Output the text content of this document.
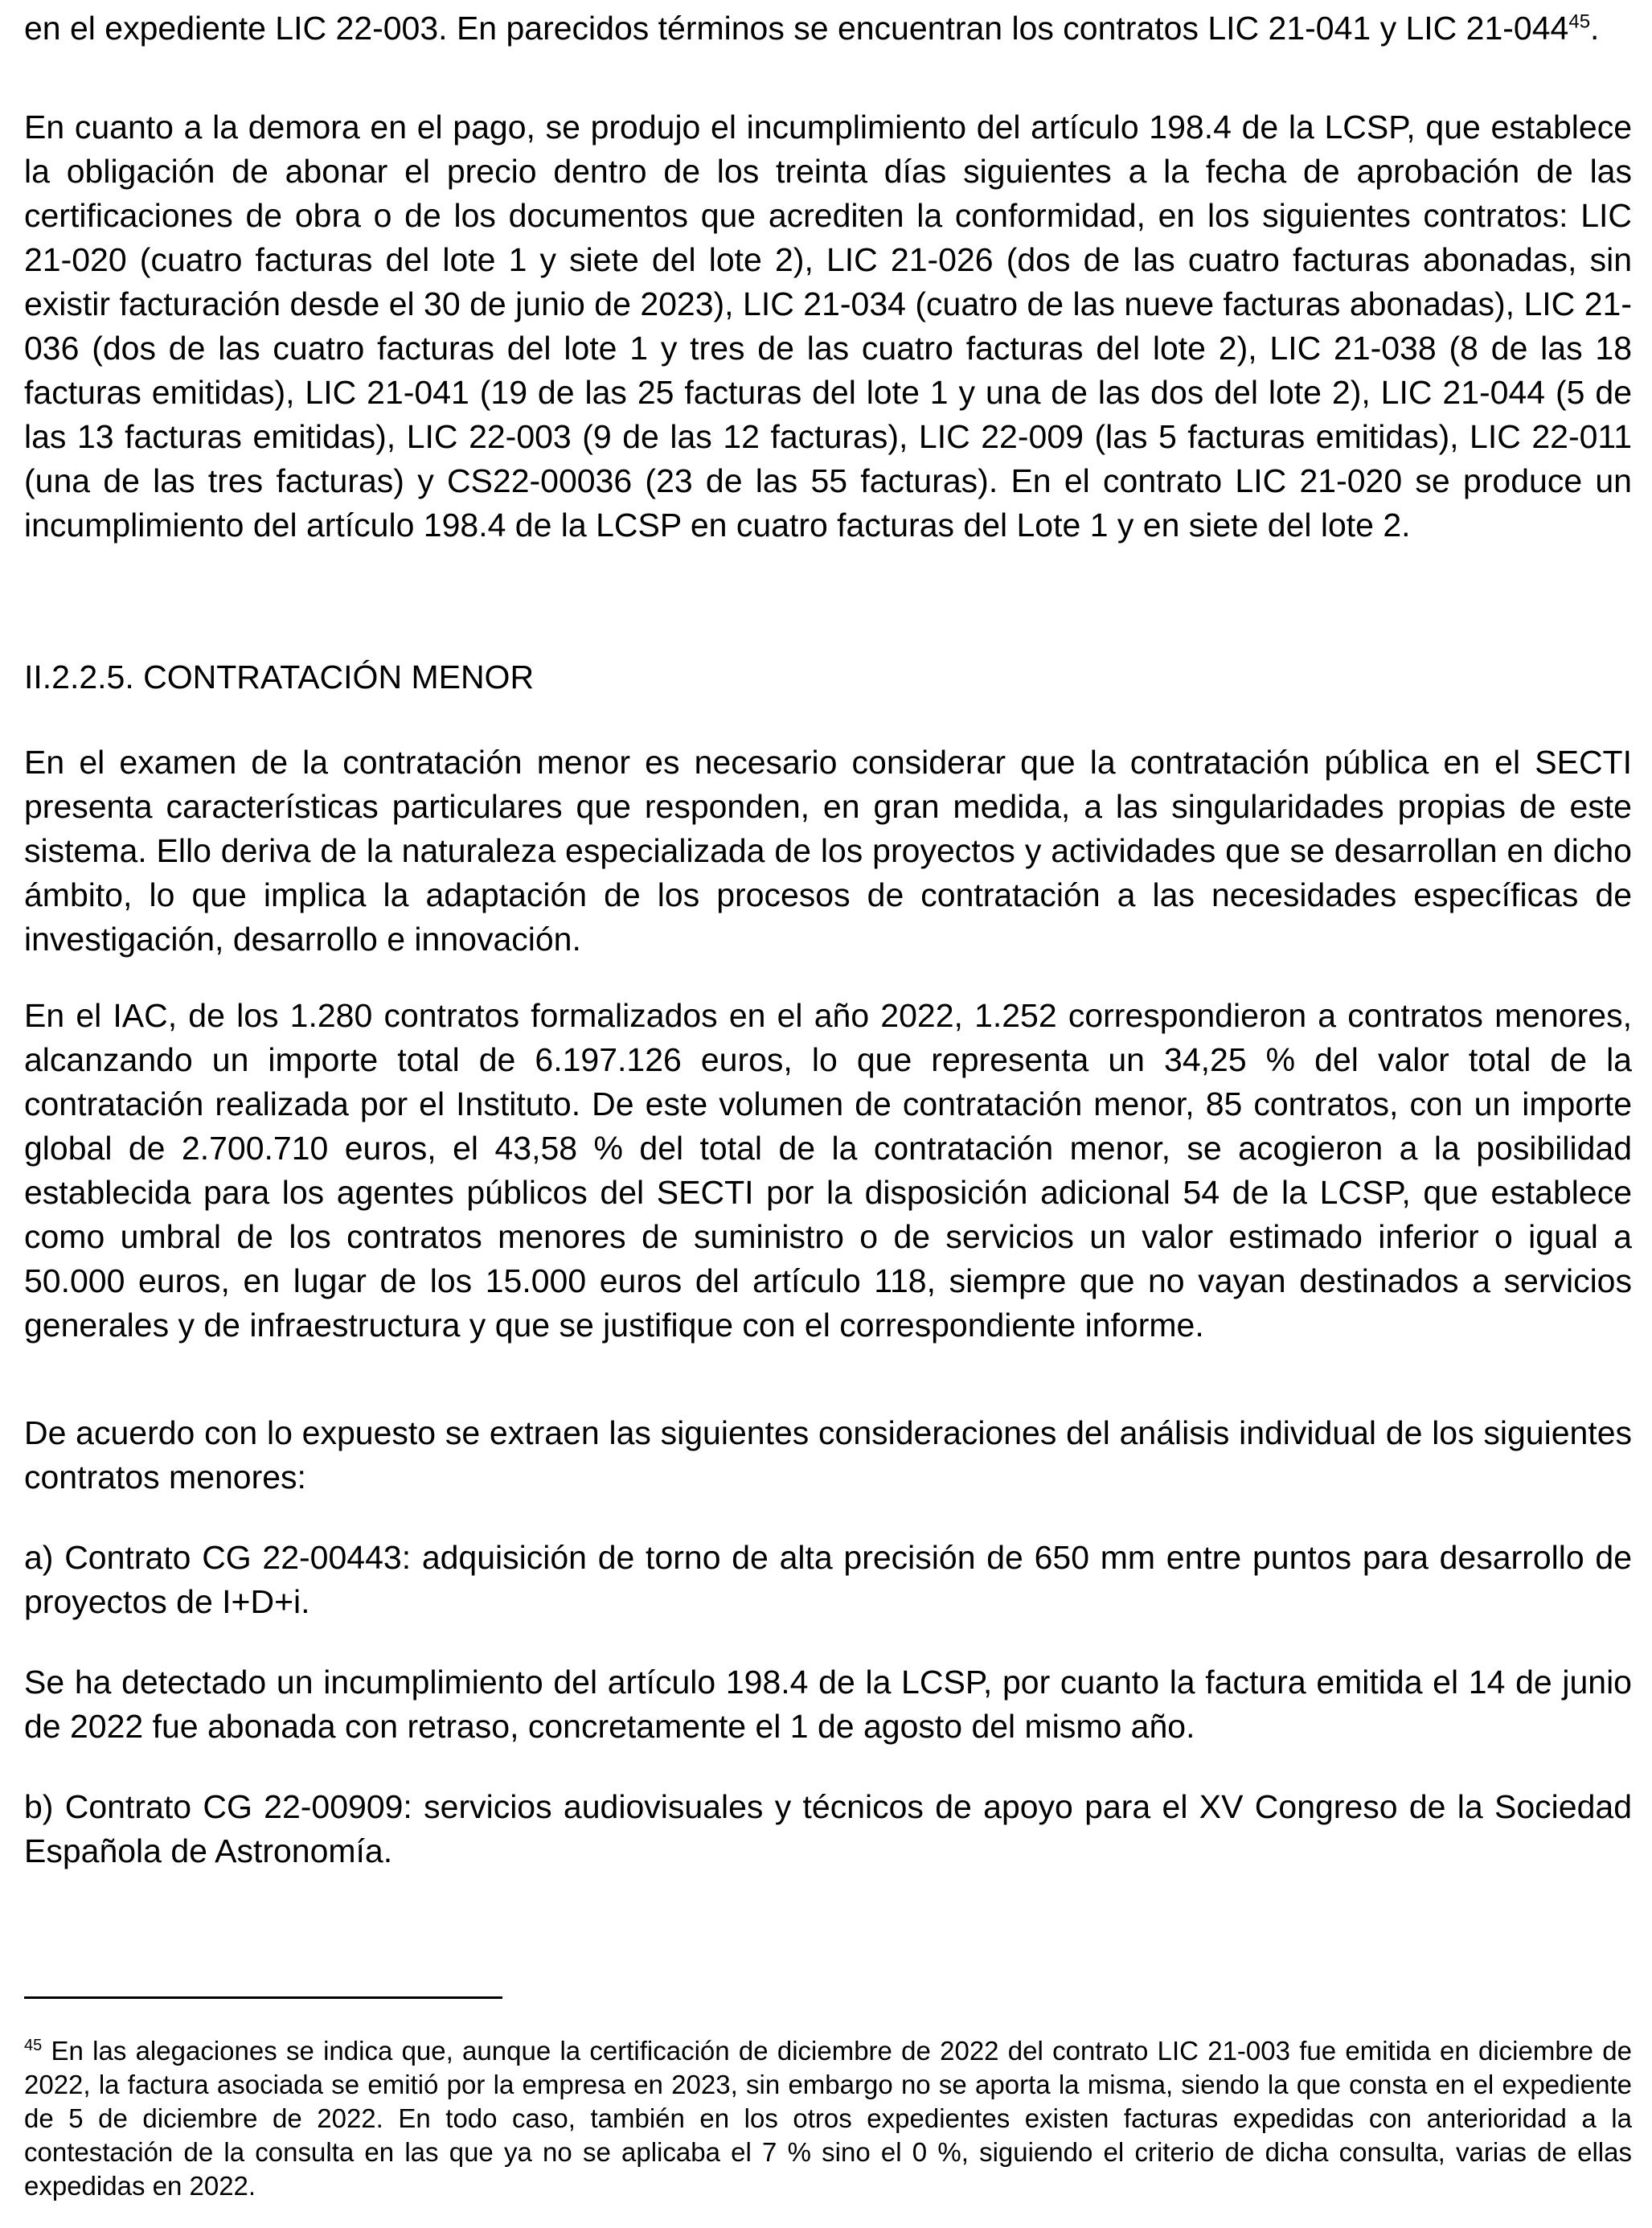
en el expediente LIC 22-003. En parecidos términos se encuentran los contratos LIC 21-041 y LIC $21-044^{45}$.

En cuanto a la demora en el pago, se produjo el incumplimiento del artículo 198.4 de la LCSP, que establece la obligación de abonar el precio dentro de los treinta días siguientes a la fecha de aprobación de las certificaciones de obra o de los documentos que acrediten la conformidad, en los siguientes contratos: LIC 21-020 (cuatro facturas del lote 1 y siete del lote 2), LIC 21-026 (dos de las cuatro facturas abonadas, sin existir facturación desde el 30 de junio de 2023), LIC 21-034 (cuatro de las nueve facturas abonadas), LIC 21-036 (dos de las cuatro facturas del lote 1 y tres de las cuatro facturas del lote 2), LIC 21-038 (8 de las 18 facturas emitidas), LIC 21-041 (19 de las 25 facturas del lote 1 y una de las dos del lote 2), LIC 21-044 (5 de las 13 facturas emitidas), LIC 22-003 (9 de las 12 facturas), LIC 22-009 (las 5 facturas emitidas), LIC 22-011 (una de las tres facturas) y CS22-00036 (23 de las 55 facturas). En el contrato LIC 21-020 se produce un incumplimiento del artículo 198.4 de la LCSP en cuatro facturas del Lote 1 y en siete del lote 2.

II.2.2.5. CONTRATACIÓN MENOR

En el examen de la contratación menor es necesario considerar que la contratación pública en el SECTI presenta características particulares que responden, en gran medida, a las singularidades propias de este sistema. Ello deriva de la naturaleza especializada de los proyectos y actividades que se desarrollan en dicho ámbito, lo que implica la adaptación de los procesos de contratación a las necesidades específicas de investigación, desarrollo e innovación.

En el IAC, de los 1.280 contratos formalizados en el año 2022, 1.252 correspondieron a contratos menores, alcanzando un importe total de 6.197.126 euros, lo que representa un 34,25 % del valor total de la contratación realizada por el Instituto. De este volumen de contratación menor, 85 contratos, con un importe global de 2.700.710 euros, el 43,58 % del total de la contratación menor, se acogieron a la posibilidad establecida para los agentes públicos del SECTI por la disposición adicional 54 de la LCSP, que establece como umbral de los contratos menores de suministro o de servicios un valor estimado inferior o igual a 50.000 euros, en lugar de los 15.000 euros del artículo 118, siempre que no vayan destinados a servicios generales y de infraestructura y que se justifique con el correspondiente informe.

De acuerdo con lo expuesto se extraen las siguientes consideraciones del análisis individual de los siguientes contratos menores:

a) Contrato CG 22-00443: adquisición de torno de alta precisión de 650 mm entre puntos para desarrollo de proyectos de I+D+i.

Se ha detectado un incumplimiento del artículo 198.4 de la LCSP, por cuanto la factura emitida el 14 de junio de 2022 fue abonada con retraso, concretamente el 1 de agosto del mismo año.

b) Contrato CG 22-00909: servicios audiovisuales y técnicos de apoyo para el XV Congreso de la Sociedad Española de Astronomía.

$^{45}$ En las alegaciones se indica que, aunque la certificación de diciembre de 2022 del contrato LIC 21-003 fue emitida en diciembre de 2022, la factura asociada se emitió por la empresa en 2023, sin embargo no se aporta la misma, siendo la que consta en el expediente de 5 de diciembre de 2022. En todo caso, también en los otros expedientes existen facturas expedidas con anterioridad a la contestación de la consulta en las que ya no se aplicaba el 7 % sino el 0 %, siguiendo el criterio de dicha consulta, varias de ellas expedidas en 2022.
